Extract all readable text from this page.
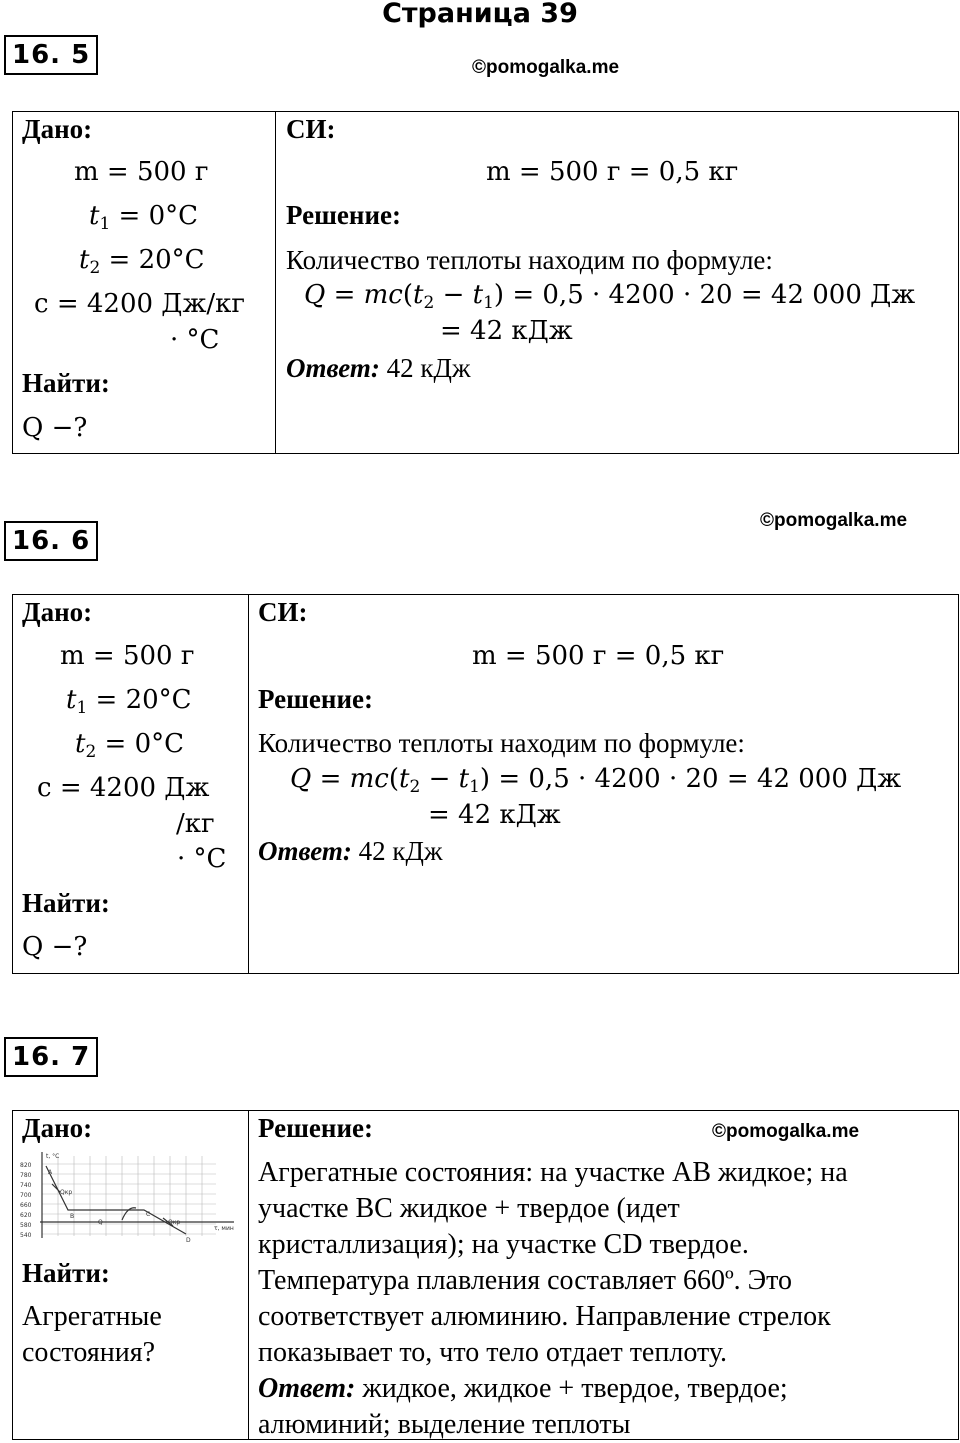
Страница 39
16. 5	©pomogalka.me
Дано:
m = 500 г
$t_1 = 0^\circ C$
$t_2 = 20^\circ C$
c = 4200 Дж/кг
· °C
Найти:
Q −?
СИ:
m = 500 г = 0,5 кг
Решение:
Количество теплоты находим по формуле:
$Q = mc(t_2 - t_1) = 0,5 \cdot 4200 \cdot 20 = 42$ 000 Дж
= 42 кДж
Ответ: 42 кДж
16. 6
©pomogalka.me
Дано:
m = 500 г
$t_1 = 20^\circ C$
$t_2 = 0^\circ C$
c = 4200 Дж
/кг
· °C
Найти:
Q −?
СИ:
m = 500 г = 0,5 кг
Решение:
Количество теплоты находим по формуле:
$Q = mc(t_2 - t_1) = 0,5 \cdot 4200 \cdot 20 = 42$ 000 Дж
= 42 кДж
Ответ: 42 кДж
16. 7
Дано:
820
780
740
700
660
620
580
540
t, °C
τ, мин
A
B	C
D
Qкр
Q	Qкр
Найти:
Агрегатные
состояния?
Решение:	©pomogalka.me
Агрегатные состояния: на участке АВ жидкое; на
участке ВС жидкое + твердое (идет
кристаллизация); на участке CD твердое.
Температура плавления составляет 660º. Это
соответствует алюминию. Направление стрелок
показывает то, что тело отдает теплоту.
Ответ: жидкое, жидкое + твердое, твердое;
алюминий; выделение теплоты
